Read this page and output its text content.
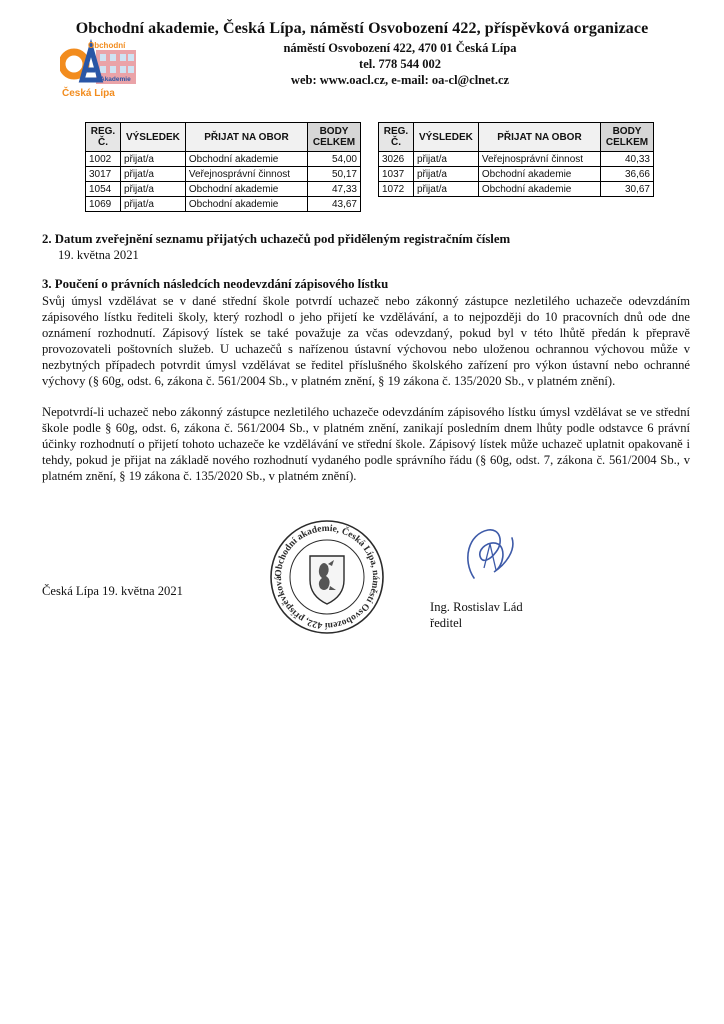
Obchodní
Akademie
Česká Lípa
Obchodní akademie, Česká Lípa, náměstí Osvobození 422, příspěvková organizace
náměstí Osvobození 422, 470 01 Česká Lípa
tel. 778 544 002
web: www.oacl.cz, e-mail: oa-cl@clnet.cz
REG. Č.	VÝSLEDEK	PŘIJAT NA OBOR	BODY CELKEM
1002	přijat/a	Obchodní akademie	54,00
3017	přijat/a	Veřejnosprávní činnost	50,17
1054	přijat/a	Obchodní akademie	47,33
1069	přijat/a	Obchodní akademie	43,67
REG. Č.	VÝSLEDEK	PŘIJAT NA OBOR	BODY CELKEM
3026	přijat/a	Veřejnosprávní činnost	40,33
1037	přijat/a	Obchodní akademie	36,66
1072	přijat/a	Obchodní akademie	30,67
2. Datum zveřejnění seznamu přijatých uchazečů pod přiděleným registračním číslem
19. května 2021
3. Poučení o právních následcích neodevzdání zápisového lístku
Svůj úmysl vzdělávat se v dané střední škole potvrdí uchazeč nebo zákonný zástupce nezletilého uchazeče odevzdáním zápisového lístku řediteli školy, který rozhodl o jeho přijetí ke vzdělávání, a to nejpozději do 10 pracovních dnů ode dne oznámení rozhodnutí. Zápisový lístek se také považuje za včas odevzdaný, pokud byl v této lhůtě předán k přepravě provozovateli poštovních služeb. U uchazečů s nařízenou ústavní výchovou nebo uloženou ochrannou výchovou může v nezbytných případech potvrdit úmysl vzdělávat se ředitel příslušného školského zařízení pro výkon ústavní nebo ochranné výchovy (§ 60g, odst. 6, zákona č. 561/2004 Sb., v platném znění, § 19 zákona č. 135/2020 Sb., v platném znění).
Nepotvrdí-li uchazeč nebo zákonný zástupce nezletilého uchazeče odevzdáním zápisového lístku úmysl vzdělávat se ve střední škole podle § 60g, odst. 6, zákona č. 561/2004 Sb., v platném znění, zanikají posledním dnem lhůty podle odstavce 6 právní účinky rozhodnutí o přijetí tohoto uchazeče ke vzdělávání ve střední škole. Zápisový lístek může uchazeč uplatnit opakovaně i tehdy, pokud je přijat na základě nového rozhodnutí vydaného podle správního řádu (§ 60g, odst. 7, zákona č. 561/2004 Sb., v platném znění, § 19 zákona č. 135/2020 Sb., v platném znění).
Česká Lípa 19. května 2021
Obchodní akademie, Česká Lípa, náměstí Osvobození 422, příspěvková
Ing. Rostislav Lád
ředitel
